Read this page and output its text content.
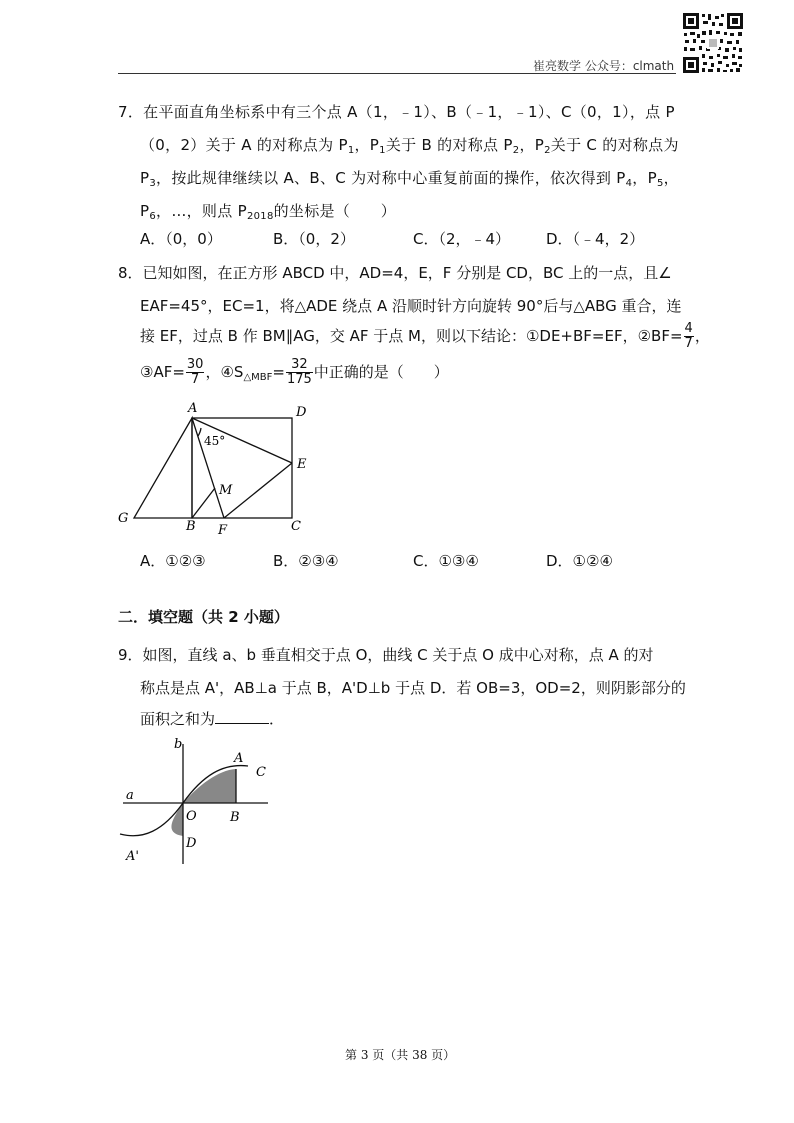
崔亮数学 公众号：clmath
7．在平面直角坐标系中有三个点 A（1，﹣1）、B（﹣1，﹣1）、C（0，1），点 P
（0，2）关于 A 的对称点为 $P_1$，$P_1$关于 B 的对称点 $P_2$，$P_2$关于 C 的对称点为
$P_3$，按此规律继续以 A、B、C 为对称中心重复前面的操作，依次得到 $P_4$，$P_5$，
$P_6$，…，则点 $P_{2018}$的坐标是（　　）
A．（0，0）	B．（0，2）	C．（2，﹣4） D．（﹣4，2）
8．已知如图，在正方形 ABCD 中，AD=4，E，F 分别是 CD，BC 上的一点，且∠
EAF=45°，EC=1，将△ADE 绕点 A 沿顺时针方向旋转 90°后与△ABG 重合，连
接 EF，过点 B 作 BM∥AG，交 AF 于点 M，则以下结论：①DE+BF=EF，②BF= $\frac{4}{7}$ ，
③AF= $\frac{30}{7}$ ，$④S_{\triangle MBF}= \frac{32}{175}$ 中正确的是（　　）
A	D
E
M
G
B F	C
45°
A．①②③	B．②③④	C．①③④	D．①②④
二．填空题（共 2 小题）
9．如图，直线 a、b 垂直相交于点 O，曲线 C 关于点 O 成中心对称，点 A 的对
称点是点 A'，AB⊥a 于点 B，A'D⊥b 于点 D．若 OB=3，OD=2，则阴影部分的
面积之和为	．
b
A
C
a
O	B
A'
D
第 3 页（共 38 页）
